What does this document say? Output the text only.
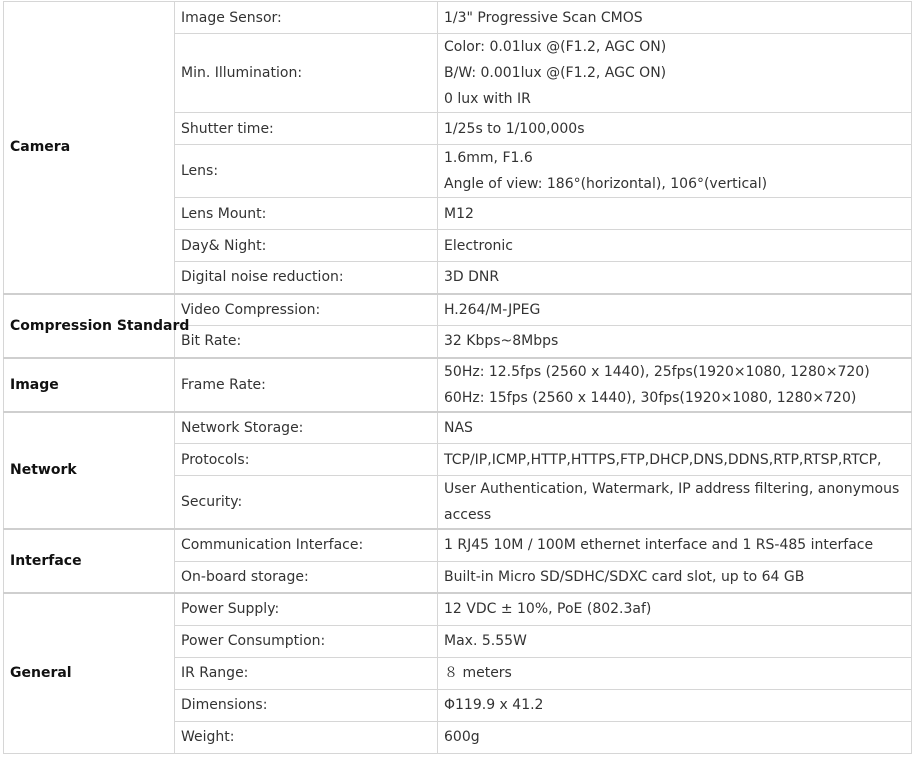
Camera	Image Sensor:	1/3" Progressive Scan CMOS

	Min. Illumination:	Color: 0.01lux @(F1.2, AGC ON)
B/W: 0.001lux @(F1.2, AGC ON)
0 lux with IR

	Shutter time:	1/25s to 1/100,000s

	Lens:	1.6mm, F1.6
Angle of view: 186°(horizontal), 106°(vertical)

	Lens Mount:	M12

	Day& Night:	Electronic

	Digital noise reduction:	3D DNR

Compression Standard	Video Compression:	H.264/M-JPEG

	Bit Rate:	32 Kbps~8Mbps

Image	Frame Rate:	50Hz: 12.5fps (2560 x 1440), 25fps(1920×1080, 1280×720)
60Hz: 15fps (2560 x 1440), 30fps(1920×1080, 1280×720)

Network	Network Storage:	NAS

	Protocols:	TCP/IP,ICMP,HTTP,HTTPS,FTP,DHCP,DNS,DDNS,RTP,RTSP,RTCP,

	Security:	User Authentication, Watermark, IP address filtering, anonymous access

Interface	Communication Interface:	1 RJ45 10M / 100M ethernet interface and 1 RS-485 interface

	On-board storage:	Built-in Micro SD/SDHC/SDXC card slot, up to 64 GB

General	Power Supply:	12 VDC ± 10%, PoE (802.3af)

	Power Consumption:	Max. 5.55W

	IR Range:	８ meters

	Dimensions:	Φ119.9 x 41.2

	Weight:	600g
